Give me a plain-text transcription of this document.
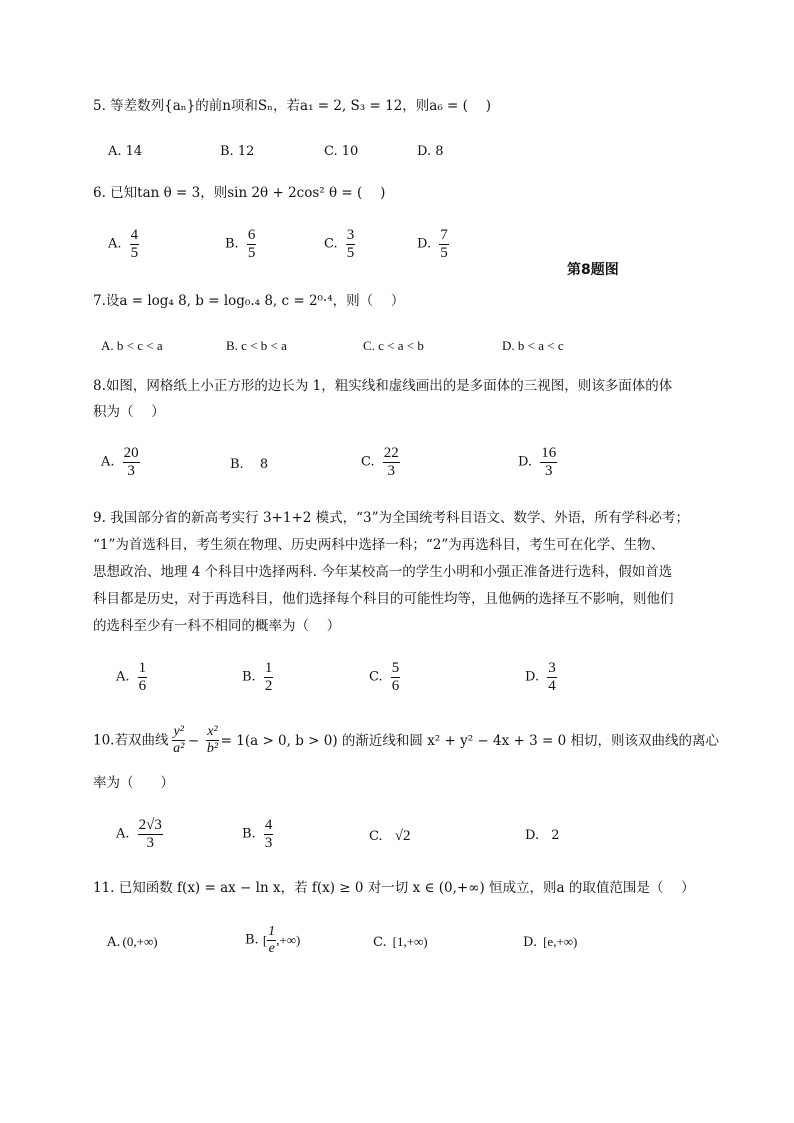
5. 等差数列{aₙ}的前n项和Sₙ，若a₁ = 2, S₃ = 12，则a₆ = (　 )
A. 14	B. 12	C. 10	D. 8
6. 已知tan θ = 3，则sin 2θ + 2cos² θ = (　 )
A. $\frac{4}{5}$	B. $\frac{6}{5}$	C. $\frac{3}{5}$	D. $\frac{7}{5}$
第8题图
7.设a = log₄ 8, b = log₀.₄ 8, c = 2⁰·⁴，则（　 ）
A. b < c < a	B. c < b < a	C. c < a < b	D. b < a < c
8.如图，网格纸上小正方形的边长为 1，粗实线和虚线画出的是多面体的三视图，则该多面体的体
积为（　 ）
A. $\frac{20}{3}$	B. 8	C. $\frac{22}{3}$	D. $\frac{16}{3}$
9. 我国部分省的新高考实行 3+1+2 模式，“3”为全国统考科目语文、数学、外语，所有学科必考；
“1”为首选科目，考生须在物理、历史两科中选择一科；“2”为再选科目，考生可在化学、生物、
思想政治、地理 4 个科目中选择两科. 今年某校高一的学生小明和小强正准备进行选科，假如首选
科目都是历史，对于再选科目，他们选择每个科目的可能性均等，且他俩的选择互不影响，则他们
的选科至少有一科不相同的概率为（　 ）
A. $\frac{1}{6}$	B. $\frac{1}{2}$	C. $\frac{5}{6}$	D. $\frac{3}{4}$
10.若双曲线 $\frac{\text{y²}}{\text{a²}} - \frac{\text{x²}}{\text{b²}} = 1(a > 0$, b > 0) 的渐近线和圆 x² + y² − 4x + 3 = 0 相切，则该双曲线的离心
率为（　　）
A. $\frac{2√3}{3}$	B. $\frac{4}{3}$	C. √2	D. 2
11. 已知函数 f(x) = ax − ln x，若 f(x) ≥ 0 对一切 x ∈ (0,+∞) 恒成立，则a 的取值范围是（　 ）
A. (0,+∞)	B. [ $\frac{1}{e}$ ,+∞)	C. [1,+∞)	D. [e,+∞)
